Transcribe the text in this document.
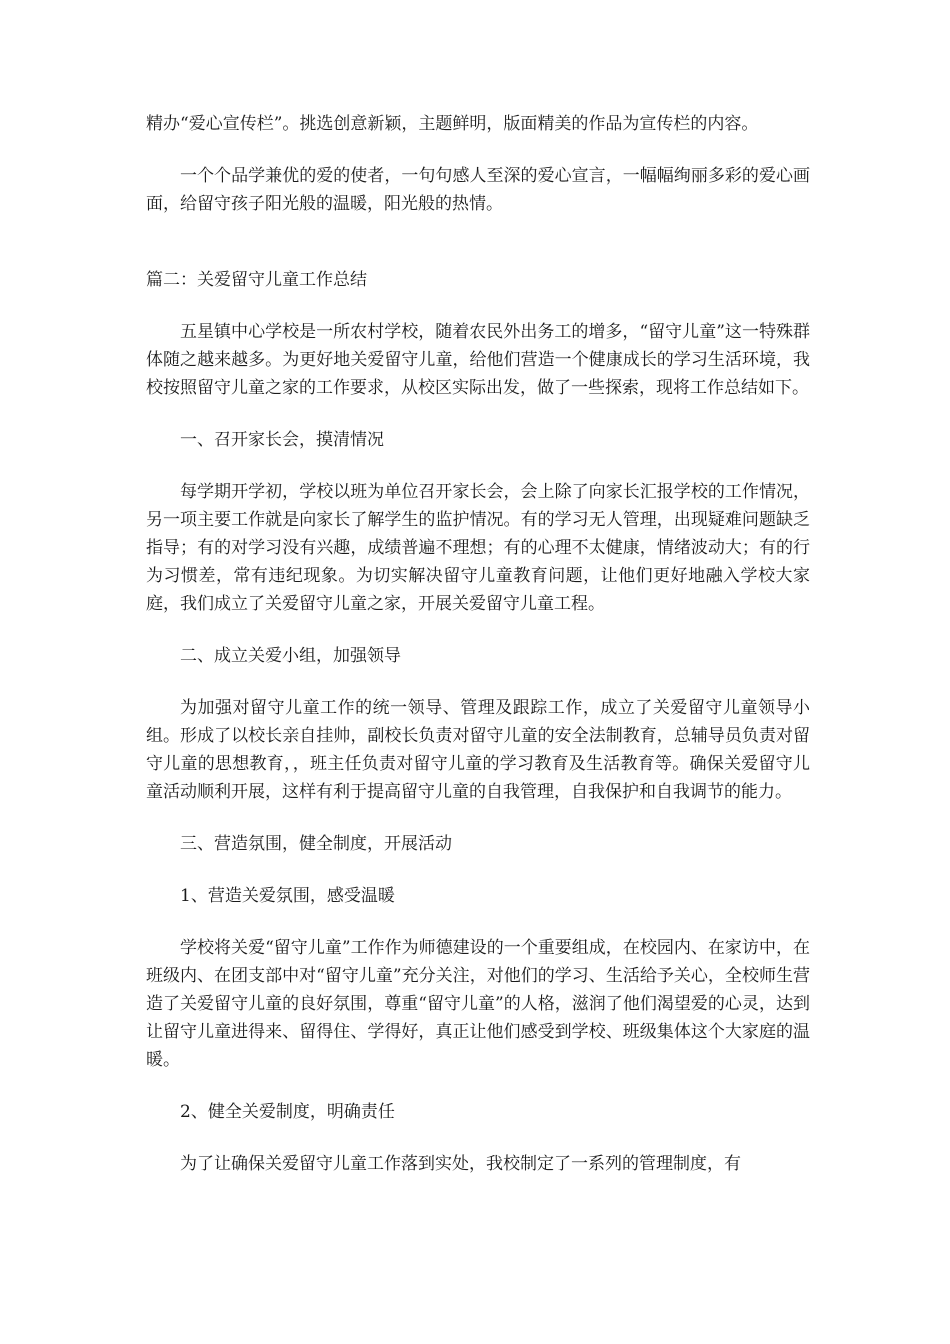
精办“爱心宣传栏”。挑选创意新颖，主题鲜明，版面精美的作品为宣传栏的内容。

一个个品学兼优的爱的使者，一句句感人至深的爱心宣言，一幅幅绚丽多彩的爱心画面，给留守孩子阳光般的温暖，阳光般的热情。

篇二：关爱留守儿童工作总结

五星镇中心学校是一所农村学校，随着农民外出务工的增多，“留守儿童”这一特殊群体随之越来越多。为更好地关爱留守儿童，给他们营造一个健康成长的学习生活环境，我校按照留守儿童之家的工作要求，从校区实际出发，做了一些探索，现将工作总结如下。

一、召开家长会，摸清情况

每学期开学初，学校以班为单位召开家长会，会上除了向家长汇报学校的工作情况，另一项主要工作就是向家长了解学生的监护情况。有的学习无人管理，出现疑难问题缺乏指导；有的对学习没有兴趣，成绩普遍不理想；有的心理不太健康，情绪波动大；有的行为习惯差，常有违纪现象。为切实解决留守儿童教育问题，让他们更好地融入学校大家庭，我们成立了关爱留守儿童之家，开展关爱留守儿童工程。

二、成立关爱小组，加强领导

为加强对留守儿童工作的统一领导、管理及跟踪工作，成立了关爱留守儿童领导小组。形成了以校长亲自挂帅，副校长负责对留守儿童的安全法制教育，总辅导员负责对留守儿童的思想教育，，班主任负责对留守儿童的学习教育及生活教育等。确保关爱留守儿童活动顺利开展，这样有利于提高留守儿童的自我管理，自我保护和自我调节的能力。

三、营造氛围，健全制度，开展活动

1、营造关爱氛围，感受温暖

学校将关爱“留守儿童”工作作为师德建设的一个重要组成，在校园内、在家访中，在班级内、在团支部中对“留守儿童”充分关注，对他们的学习、生活给予关心，全校师生营造了关爱留守儿童的良好氛围，尊重“留守儿童”的人格，滋润了他们渴望爱的心灵，达到让留守儿童进得来、留得住、学得好，真正让他们感受到学校、班级集体这个大家庭的温暖。

2、健全关爱制度，明确责任

为了让确保关爱留守儿童工作落到实处，我校制定了一系列的管理制度，有
